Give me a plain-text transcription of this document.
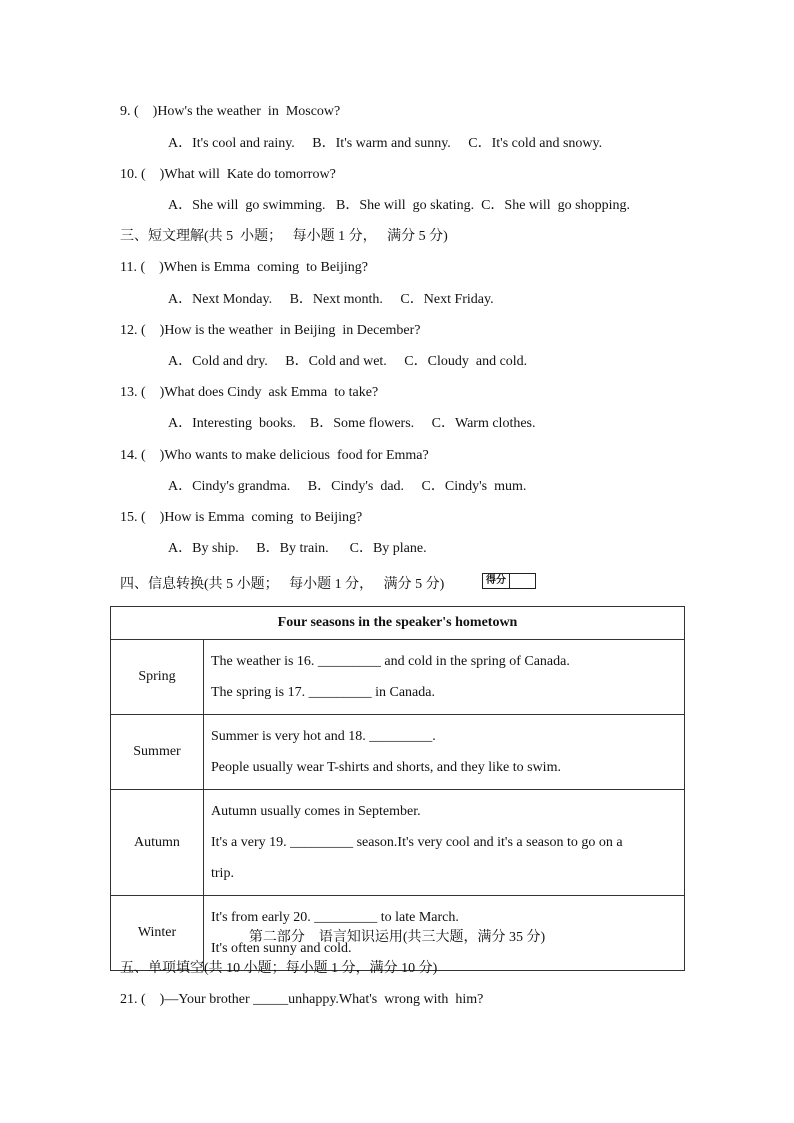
9. (    )How's the weather  in  Moscow?
A．It's cool and rainy.     B．It's warm and sunny.     C．It's cold and snowy.
10. (    )What will  Kate do tomorrow?
A．She will  go swimming.   B．She will  go skating.  C．She will  go shopping.
三、短文理解(共 5  小题；   每小题 1 分，   满分 5 分)
11. (    )When is Emma  coming  to Beijing?
A．Next Monday.     B．Next month.     C．Next Friday.
12. (    )How is the weather  in Beijing  in December?
A．Cold and dry.     B．Cold and wet.     C．Cloudy  and cold.
13. (    )What does Cindy  ask Emma  to take?
A．Interesting  books.    B．Some flowers.     C．Warm clothes.
14. (    )Who wants to make delicious  food for Emma?
A．Cindy's grandma.     B．Cindy's  dad.     C．Cindy's  mum.
15. (    )How is Emma  coming  to Beijing?
A．By ship.     B．By train.      C．By plane.
四、信息转换(共 5 小题；   每小题 1 分，   满分 5 分)	得分
Four seasons in the speaker's hometown	
Spring	The weather is 16. _________ and cold in the spring of Canada.
The spring is 17. _________ in Canada.

Summer	Summer is very hot and 18. _________.
People usually wear T-shirts and shorts, and they like to swim.

Autumn	Autumn usually comes in September.
It's a very 19. _________ season.It's very cool and it's a season to go on a
trip.

Winter	It's from early 20. _________ to late March.
It's often sunny and cold.
第二部分    语言知识运用(共三大题，满分 35 分)
五、单项填空(共 10 小题；每小题 1 分，满分 10 分)
21. (    )—Your brother _____unhappy.What's  wrong with  him?
